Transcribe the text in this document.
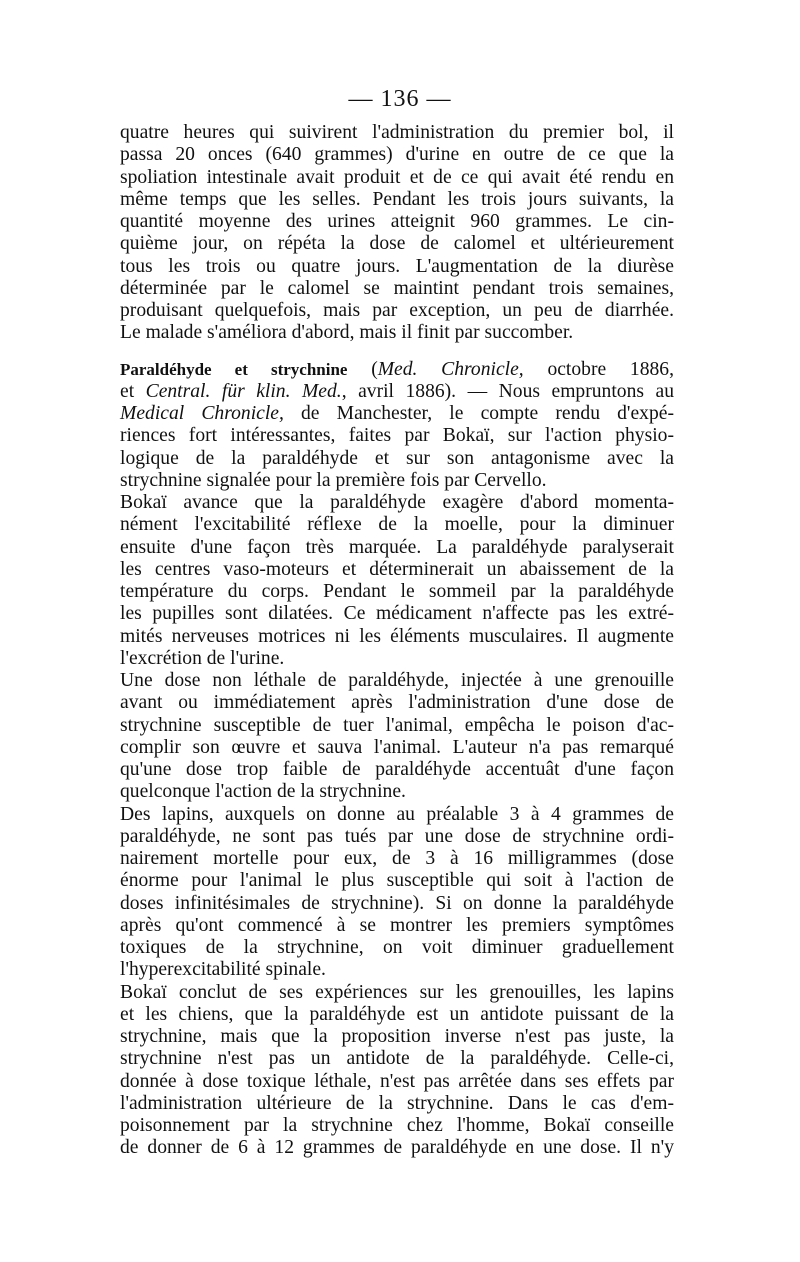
— 136 —
quatre heures qui suivirent l'administration du premier bol, il
passa 20 onces (640 grammes) d'urine en outre de ce que la
spoliation intestinale avait produit et de ce qui avait été rendu en
même temps que les selles. Pendant les trois jours suivants, la
quantité moyenne des urines atteignit 960 grammes. Le cin-
quième jour, on répéta la dose de calomel et ultérieurement
tous les trois ou quatre jours. L'augmentation de la diurèse
déterminée par le calomel se maintint pendant trois semaines,
produisant quelquefois, mais par exception, un peu de diarrhée.
Le malade s'améliora d'abord, mais il finit par succomber.
Paraldéhyde et strychnine (Med. Chronicle, octobre 1886,
et Central. für klin. Med., avril 1886). — Nous empruntons au
Medical Chronicle, de Manchester, le compte rendu d'expé-
riences fort intéressantes, faites par Bokaï, sur l'action physio-
logique de la paraldéhyde et sur son antagonisme avec la
strychnine signalée pour la première fois par Cervello.
Bokaï avance que la paraldéhyde exagère d'abord momenta-
nément l'excitabilité réflexe de la moelle, pour la diminuer
ensuite d'une façon très marquée. La paraldéhyde paralyserait
les centres vaso-moteurs et déterminerait un abaissement de la
température du corps. Pendant le sommeil par la paraldéhyde
les pupilles sont dilatées. Ce médicament n'affecte pas les extré-
mités nerveuses motrices ni les éléments musculaires. Il augmente
l'excrétion de l'urine.
Une dose non léthale de paraldéhyde, injectée à une grenouille
avant ou immédiatement après l'administration d'une dose de
strychnine susceptible de tuer l'animal, empêcha le poison d'ac-
complir son œuvre et sauva l'animal. L'auteur n'a pas remarqué
qu'une dose trop faible de paraldéhyde accentuât d'une façon
quelconque l'action de la strychnine.
Des lapins, auxquels on donne au préalable 3 à 4 grammes de
paraldéhyde, ne sont pas tués par une dose de strychnine ordi-
nairement mortelle pour eux, de 3 à 16 milligrammes (dose
énorme pour l'animal le plus susceptible qui soit à l'action de
doses infinitésimales de strychnine). Si on donne la paraldéhyde
après qu'ont commencé à se montrer les premiers symptômes
toxiques de la strychnine, on voit diminuer graduellement
l'hyperexcitabilité spinale.
Bokaï conclut de ses expériences sur les grenouilles, les lapins
et les chiens, que la paraldéhyde est un antidote puissant de la
strychnine, mais que la proposition inverse n'est pas juste, la
strychnine n'est pas un antidote de la paraldéhyde. Celle-ci,
donnée à dose toxique léthale, n'est pas arrêtée dans ses effets par
l'administration ultérieure de la strychnine. Dans le cas d'em-
poisonnement par la strychnine chez l'homme, Bokaï conseille
de donner de 6 à 12 grammes de paraldéhyde en une dose. Il n'y
